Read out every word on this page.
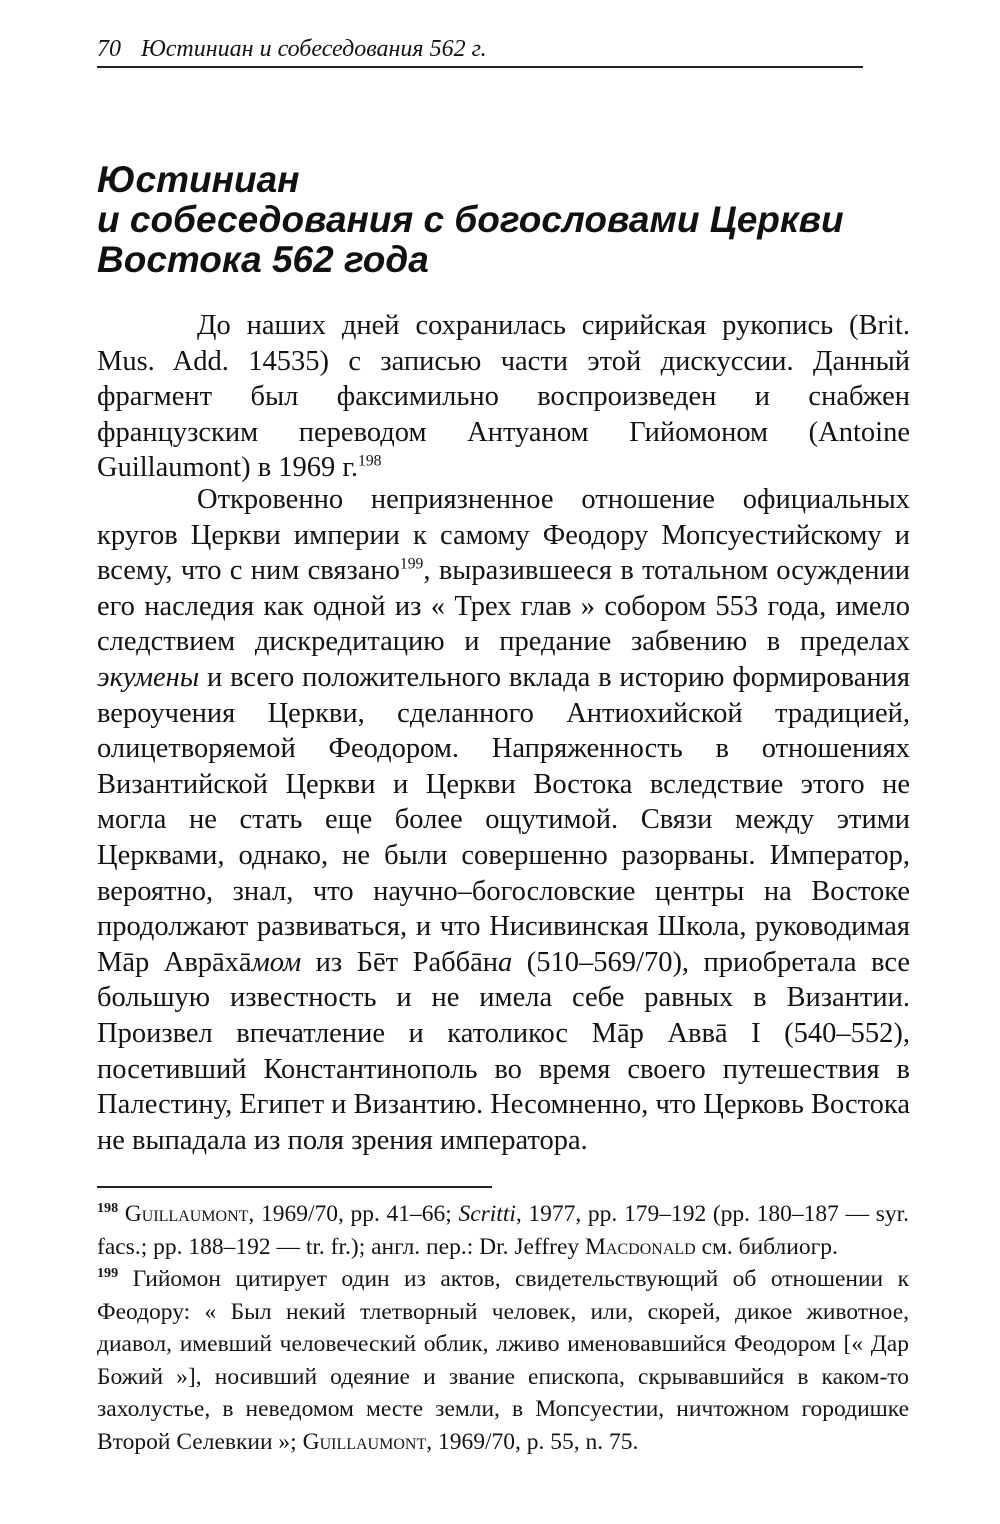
70 Юстиниан и собеседования 562 г.
Юстиниан
и собеседования с богословами Церкви
Востока 562 года

До наших дней сохранилась сирийская рукопись (Brit. Mus. Add. 14535) с записью части этой дискуссии. Данный фрагмент был факсимильно воспроизведен и снабжен французским переводом Антуаном Гийомоном (Antoine Guillaumont) в 1969 г.$^{198}$

Откровенно неприязненное отношение официальных кругов Церкви империи к самому Феодору Мопсуестийскому и всему, что с ним связано$^{199}$, выразившееся в тотальном осуждении его наследия как одной из « Трех глав » собором 553 года, имело следствием дискредитацию и предание забвению в пределах экумены и всего положительного вклада в историю формирования вероучения Церкви, сделанного Антиохийской традицией, олицетворяемой Феодором. Напряженность в отношениях Византийской Церкви и Церкви Востока вследствие этого не могла не стать еще более ощутимой. Связи между этими Церквами, однако, не были совершенно разорваны. Император, вероятно, знал, что научно–богословские центры на Востоке продолжают развиваться, и что Нисивинская Школа, руководимая Мāр Аврāхāмом из Бēт Раббāна (510–569/70), приобретала все большую известность и не имела себе равных в Византии. Произвел впечатление и католикос Мāр Аввā I (540–552), посетивший Константинополь во время своего путешествия в Палестину, Египет и Византию. Несомненно, что Церковь Востока не выпадала из поля зрения императора.

$^{198}$ Guillaumont, 1969/70, pp. 41–66; Scritti, 1977, pp. 179–192 (pp. 180–187 — syr. facs.; pp. 188–192 — tr. fr.); англ. пер.: Dr. Jeffrey Macdonald см. библиогр.

$^{199}$ Гийомон цитирует один из актов, свидетельствующий об отношении к Феодору: « Был некий тлетворный человек, или, скорей, дикое животное, диавол, имевший человеческий облик, лживо именовавшийся Феодором [« Дар Божий »], носивший одеяние и звание епископа, скрывавшийся в каком-то захолустье, в неведомом месте земли, в Мопсуестии, ничтожном городишке Второй Селевкии »; Guillaumont, 1969/70, p. 55, n. 75.
